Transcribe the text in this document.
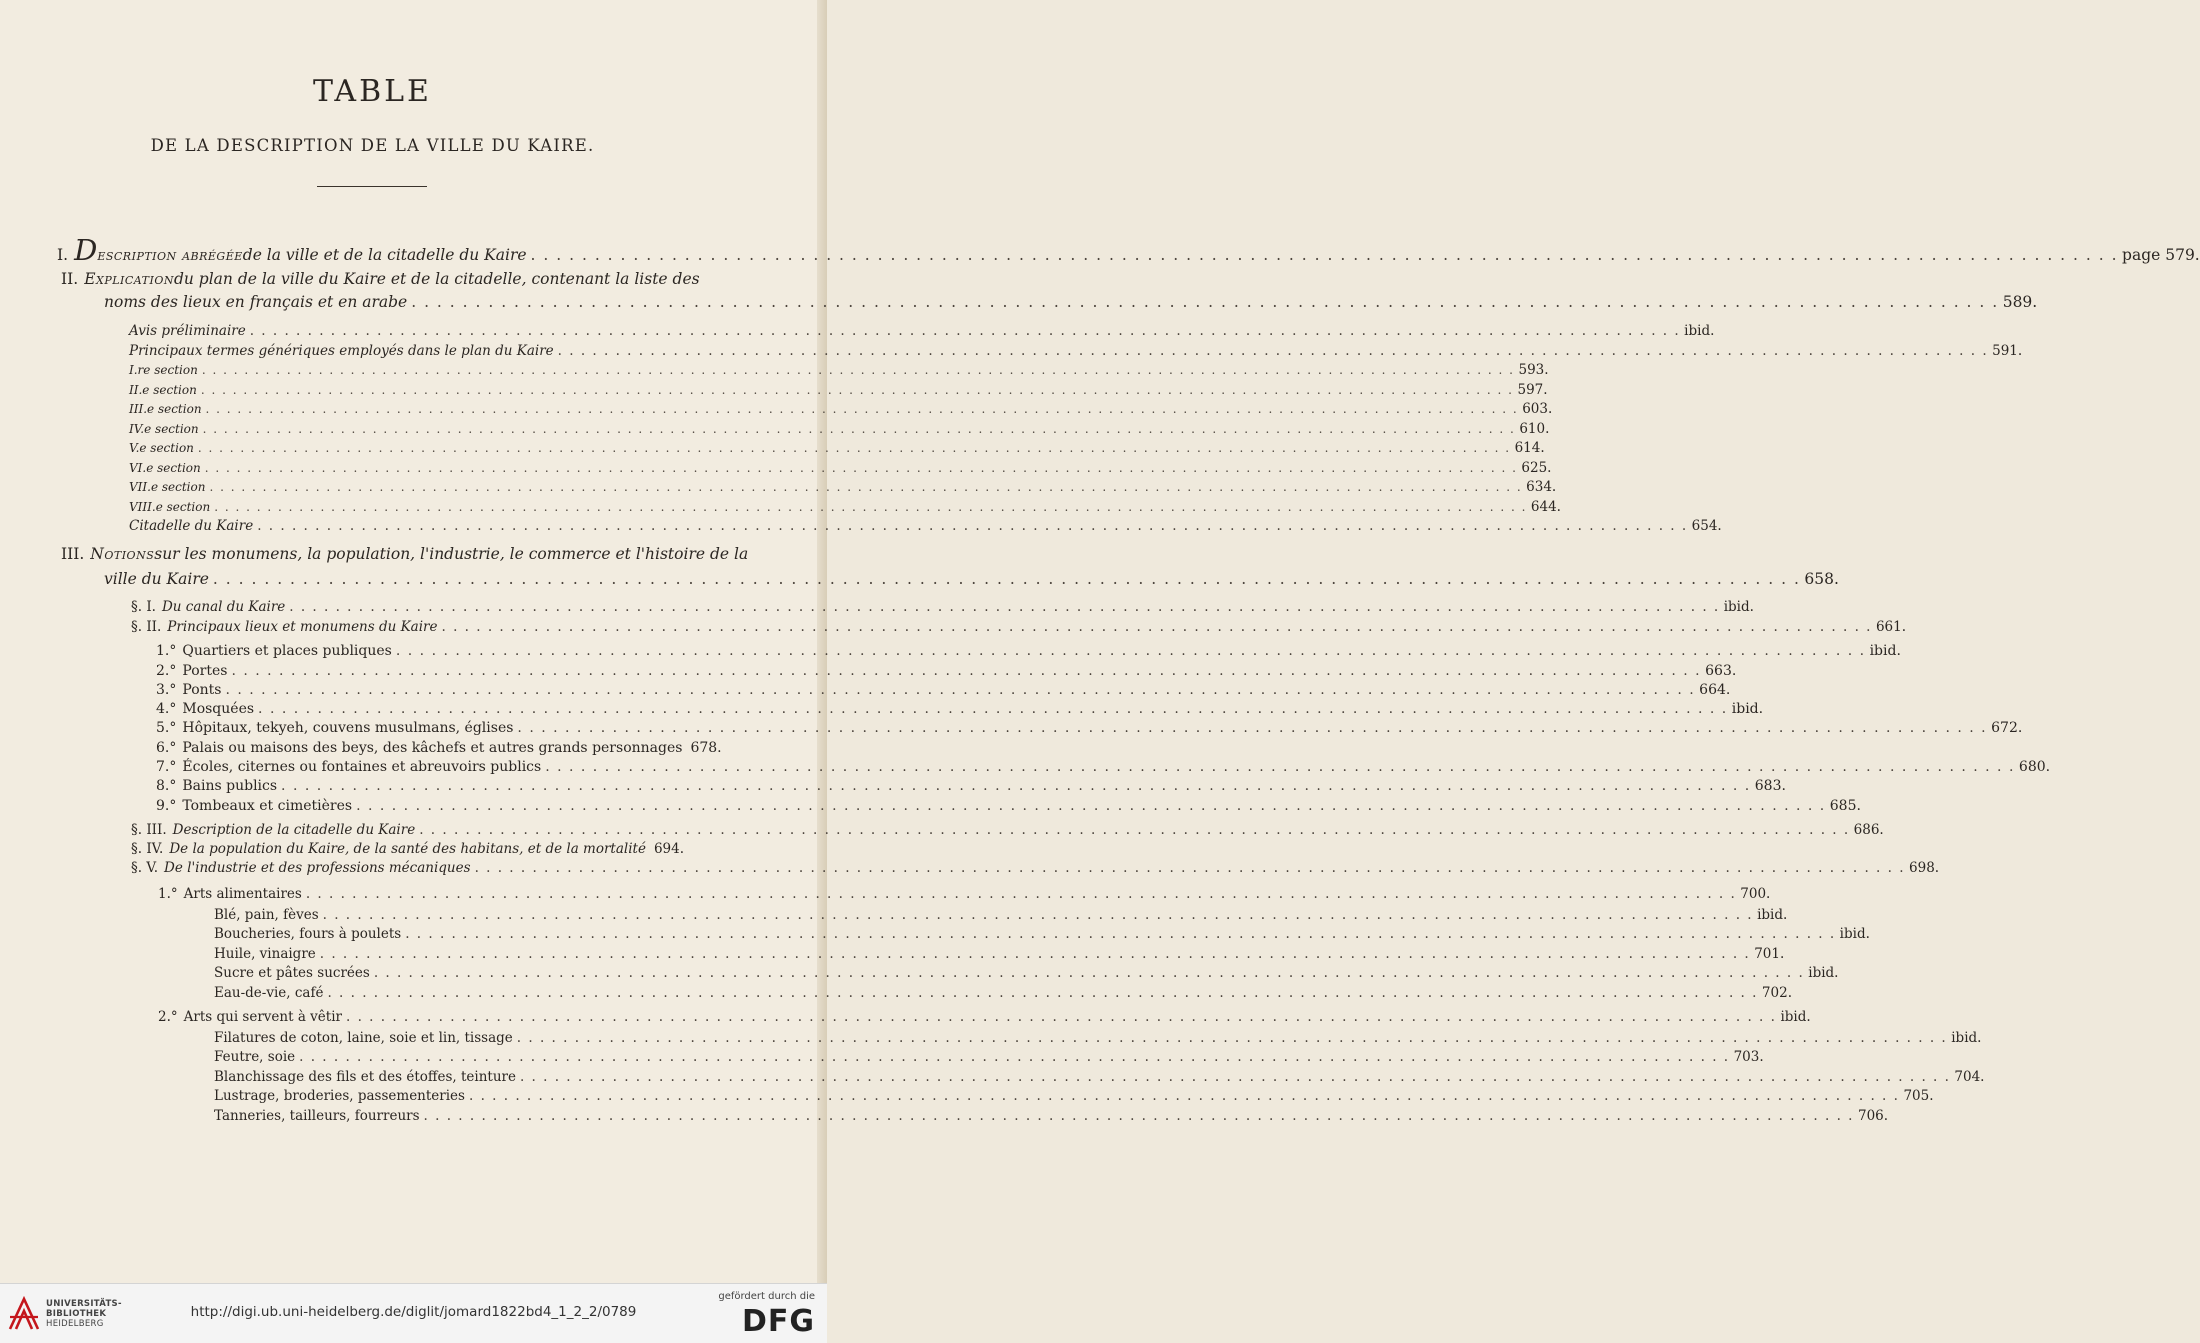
TABLE
DE LA DESCRIPTION DE LA VILLE DU KAIRE.
I. D escription abrégée de la ville et de la citadelle du Kaire . . . . . . . . . . . . . . . . . . . . . . . . . . . . . . . . . . . . . . . . . . . . . . . . . . . . . . . . . . . . . . . . . . . . . . . . . . . . . . . . . . . . . . . . . . . . . . . . . . . . . . . . . . . . . . . . . . . . . . . . . . . . page 579.
II. Explication du plan de la ville du Kaire et de la citadelle, contenant la liste des
noms des lieux en français et en arabe . . . . . . . . . . . . . . . . . . . . . . . . . . . . . . . . . . . . . . . . . . . . . . . . . . . . . . . . . . . . . . . . . . . . . . . . . . . . . . . . . . . . . . . . . . . . . . . . . . . . . . . . . . . . . . . . . . . . . . . . . . . . 589.
Avis préliminaire . . . . . . . . . . . . . . . . . . . . . . . . . . . . . . . . . . . . . . . . . . . . . . . . . . . . . . . . . . . . . . . . . . . . . . . . . . . . . . . . . . . . . . . . . . . . . . . . . . . . . . . . . . . . . . . . . . . . . . . . . . . . ibid.
Principaux termes génériques employés dans le plan du Kaire . . . . . . . . . . . . . . . . . . . . . . . . . . . . . . . . . . . . . . . . . . . . . . . . . . . . . . . . . . . . . . . . . . . . . . . . . . . . . . . . . . . . . . . . . . . . . . . . . . . . . . . . . . . . . . . . . . . . . . . . . . . . 591.
I.re section . . . . . . . . . . . . . . . . . . . . . . . . . . . . . . . . . . . . . . . . . . . . . . . . . . . . . . . . . . . . . . . . . . . . . . . . . . . . . . . . . . . . . . . . . . . . . . . . . . . . . . . . . . . . . . . . . . . . . . . . . . . . 593.
II.e section . . . . . . . . . . . . . . . . . . . . . . . . . . . . . . . . . . . . . . . . . . . . . . . . . . . . . . . . . . . . . . . . . . . . . . . . . . . . . . . . . . . . . . . . . . . . . . . . . . . . . . . . . . . . . . . . . . . . . . . . . . . . 597.
III.e section . . . . . . . . . . . . . . . . . . . . . . . . . . . . . . . . . . . . . . . . . . . . . . . . . . . . . . . . . . . . . . . . . . . . . . . . . . . . . . . . . . . . . . . . . . . . . . . . . . . . . . . . . . . . . . . . . . . . . . . . . . . . 603.
IV.e section . . . . . . . . . . . . . . . . . . . . . . . . . . . . . . . . . . . . . . . . . . . . . . . . . . . . . . . . . . . . . . . . . . . . . . . . . . . . . . . . . . . . . . . . . . . . . . . . . . . . . . . . . . . . . . . . . . . . . . . . . . . . 610.
V.e section . . . . . . . . . . . . . . . . . . . . . . . . . . . . . . . . . . . . . . . . . . . . . . . . . . . . . . . . . . . . . . . . . . . . . . . . . . . . . . . . . . . . . . . . . . . . . . . . . . . . . . . . . . . . . . . . . . . . . . . . . . . . 614.
VI.e section . . . . . . . . . . . . . . . . . . . . . . . . . . . . . . . . . . . . . . . . . . . . . . . . . . . . . . . . . . . . . . . . . . . . . . . . . . . . . . . . . . . . . . . . . . . . . . . . . . . . . . . . . . . . . . . . . . . . . . . . . . . . 625.
VII.e section . . . . . . . . . . . . . . . . . . . . . . . . . . . . . . . . . . . . . . . . . . . . . . . . . . . . . . . . . . . . . . . . . . . . . . . . . . . . . . . . . . . . . . . . . . . . . . . . . . . . . . . . . . . . . . . . . . . . . . . . . . . . 634.
VIII.e section . . . . . . . . . . . . . . . . . . . . . . . . . . . . . . . . . . . . . . . . . . . . . . . . . . . . . . . . . . . . . . . . . . . . . . . . . . . . . . . . . . . . . . . . . . . . . . . . . . . . . . . . . . . . . . . . . . . . . . . . . . . . 644.
Citadelle du Kaire . . . . . . . . . . . . . . . . . . . . . . . . . . . . . . . . . . . . . . . . . . . . . . . . . . . . . . . . . . . . . . . . . . . . . . . . . . . . . . . . . . . . . . . . . . . . . . . . . . . . . . . . . . . . . . . . . . . . . . . . . . . . 654.
III. Notions sur les monumens, la population, l'industrie, le commerce et l'histoire de la
ville du Kaire . . . . . . . . . . . . . . . . . . . . . . . . . . . . . . . . . . . . . . . . . . . . . . . . . . . . . . . . . . . . . . . . . . . . . . . . . . . . . . . . . . . . . . . . . . . . . . . . . . . . . . . . . . . . . . . . . . . . . . . . . . . . 658.
§. I. Du canal du Kaire . . . . . . . . . . . . . . . . . . . . . . . . . . . . . . . . . . . . . . . . . . . . . . . . . . . . . . . . . . . . . . . . . . . . . . . . . . . . . . . . . . . . . . . . . . . . . . . . . . . . . . . . . . . . . . . . . . . . . . . . . . . . ibid.
§. II. Principaux lieux et monumens du Kaire . . . . . . . . . . . . . . . . . . . . . . . . . . . . . . . . . . . . . . . . . . . . . . . . . . . . . . . . . . . . . . . . . . . . . . . . . . . . . . . . . . . . . . . . . . . . . . . . . . . . . . . . . . . . . . . . . . . . . . . . . . . . 661.
1.° Quartiers et places publiques . . . . . . . . . . . . . . . . . . . . . . . . . . . . . . . . . . . . . . . . . . . . . . . . . . . . . . . . . . . . . . . . . . . . . . . . . . . . . . . . . . . . . . . . . . . . . . . . . . . . . . . . . . . . . . . . . . . . . . . . . . . . ibid.
2.° Portes . . . . . . . . . . . . . . . . . . . . . . . . . . . . . . . . . . . . . . . . . . . . . . . . . . . . . . . . . . . . . . . . . . . . . . . . . . . . . . . . . . . . . . . . . . . . . . . . . . . . . . . . . . . . . . . . . . . . . . . . . . . . 663.
3.° Ponts . . . . . . . . . . . . . . . . . . . . . . . . . . . . . . . . . . . . . . . . . . . . . . . . . . . . . . . . . . . . . . . . . . . . . . . . . . . . . . . . . . . . . . . . . . . . . . . . . . . . . . . . . . . . . . . . . . . . . . . . . . . . 664.
4.° Mosquées . . . . . . . . . . . . . . . . . . . . . . . . . . . . . . . . . . . . . . . . . . . . . . . . . . . . . . . . . . . . . . . . . . . . . . . . . . . . . . . . . . . . . . . . . . . . . . . . . . . . . . . . . . . . . . . . . . . . . . . . . . . . ibid.
5.° Hôpitaux, tekyeh, couvens musulmans, églises . . . . . . . . . . . . . . . . . . . . . . . . . . . . . . . . . . . . . . . . . . . . . . . . . . . . . . . . . . . . . . . . . . . . . . . . . . . . . . . . . . . . . . . . . . . . . . . . . . . . . . . . . . . . . . . . . . . . . . . . . . . . 672.
6.° Palais ou maisons des beys, des kâchefs et autres grands personnages 678.
7.° Écoles, citernes ou fontaines et abreuvoirs publics . . . . . . . . . . . . . . . . . . . . . . . . . . . . . . . . . . . . . . . . . . . . . . . . . . . . . . . . . . . . . . . . . . . . . . . . . . . . . . . . . . . . . . . . . . . . . . . . . . . . . . . . . . . . . . . . . . . . . . . . . . . . 680.
8.° Bains publics . . . . . . . . . . . . . . . . . . . . . . . . . . . . . . . . . . . . . . . . . . . . . . . . . . . . . . . . . . . . . . . . . . . . . . . . . . . . . . . . . . . . . . . . . . . . . . . . . . . . . . . . . . . . . . . . . . . . . . . . . . . . 683.
9.° Tombeaux et cimetières . . . . . . . . . . . . . . . . . . . . . . . . . . . . . . . . . . . . . . . . . . . . . . . . . . . . . . . . . . . . . . . . . . . . . . . . . . . . . . . . . . . . . . . . . . . . . . . . . . . . . . . . . . . . . . . . . . . . . . . . . . . . 685.
§. III. Description de la citadelle du Kaire . . . . . . . . . . . . . . . . . . . . . . . . . . . . . . . . . . . . . . . . . . . . . . . . . . . . . . . . . . . . . . . . . . . . . . . . . . . . . . . . . . . . . . . . . . . . . . . . . . . . . . . . . . . . . . . . . . . . . . . . . . . . 686.
§. IV. De la population du Kaire, de la santé des habitans, et de la mortalité 694.
§. V. De l'industrie et des professions mécaniques . . . . . . . . . . . . . . . . . . . . . . . . . . . . . . . . . . . . . . . . . . . . . . . . . . . . . . . . . . . . . . . . . . . . . . . . . . . . . . . . . . . . . . . . . . . . . . . . . . . . . . . . . . . . . . . . . . . . . . . . . . . . 698.
1.° Arts alimentaires . . . . . . . . . . . . . . . . . . . . . . . . . . . . . . . . . . . . . . . . . . . . . . . . . . . . . . . . . . . . . . . . . . . . . . . . . . . . . . . . . . . . . . . . . . . . . . . . . . . . . . . . . . . . . . . . . . . . . . . . . . . . 700.
Blé, pain, fèves . . . . . . . . . . . . . . . . . . . . . . . . . . . . . . . . . . . . . . . . . . . . . . . . . . . . . . . . . . . . . . . . . . . . . . . . . . . . . . . . . . . . . . . . . . . . . . . . . . . . . . . . . . . . . . . . . . . . . . . . . . . . ibid.
Boucheries, fours à poulets . . . . . . . . . . . . . . . . . . . . . . . . . . . . . . . . . . . . . . . . . . . . . . . . . . . . . . . . . . . . . . . . . . . . . . . . . . . . . . . . . . . . . . . . . . . . . . . . . . . . . . . . . . . . . . . . . . . . . . . . . . . . ibid.
Huile, vinaigre . . . . . . . . . . . . . . . . . . . . . . . . . . . . . . . . . . . . . . . . . . . . . . . . . . . . . . . . . . . . . . . . . . . . . . . . . . . . . . . . . . . . . . . . . . . . . . . . . . . . . . . . . . . . . . . . . . . . . . . . . . . . 701.
Sucre et pâtes sucrées . . . . . . . . . . . . . . . . . . . . . . . . . . . . . . . . . . . . . . . . . . . . . . . . . . . . . . . . . . . . . . . . . . . . . . . . . . . . . . . . . . . . . . . . . . . . . . . . . . . . . . . . . . . . . . . . . . . . . . . . . . . . ibid.
Eau-de-vie, café . . . . . . . . . . . . . . . . . . . . . . . . . . . . . . . . . . . . . . . . . . . . . . . . . . . . . . . . . . . . . . . . . . . . . . . . . . . . . . . . . . . . . . . . . . . . . . . . . . . . . . . . . . . . . . . . . . . . . . . . . . . . 702.
2.° Arts qui servent à vêtir . . . . . . . . . . . . . . . . . . . . . . . . . . . . . . . . . . . . . . . . . . . . . . . . . . . . . . . . . . . . . . . . . . . . . . . . . . . . . . . . . . . . . . . . . . . . . . . . . . . . . . . . . . . . . . . . . . . . . . . . . . . . ibid.
Filatures de coton, laine, soie et lin, tissage . . . . . . . . . . . . . . . . . . . . . . . . . . . . . . . . . . . . . . . . . . . . . . . . . . . . . . . . . . . . . . . . . . . . . . . . . . . . . . . . . . . . . . . . . . . . . . . . . . . . . . . . . . . . . . . . . . . . . . . . . . . . ibid.
Feutre, soie . . . . . . . . . . . . . . . . . . . . . . . . . . . . . . . . . . . . . . . . . . . . . . . . . . . . . . . . . . . . . . . . . . . . . . . . . . . . . . . . . . . . . . . . . . . . . . . . . . . . . . . . . . . . . . . . . . . . . . . . . . . . 703.
Blanchissage des fils et des étoffes, teinture . . . . . . . . . . . . . . . . . . . . . . . . . . . . . . . . . . . . . . . . . . . . . . . . . . . . . . . . . . . . . . . . . . . . . . . . . . . . . . . . . . . . . . . . . . . . . . . . . . . . . . . . . . . . . . . . . . . . . . . . . . . . 704.
Lustrage, broderies, passementeries . . . . . . . . . . . . . . . . . . . . . . . . . . . . . . . . . . . . . . . . . . . . . . . . . . . . . . . . . . . . . . . . . . . . . . . . . . . . . . . . . . . . . . . . . . . . . . . . . . . . . . . . . . . . . . . . . . . . . . . . . . . . 705.
Tanneries, tailleurs, fourreurs . . . . . . . . . . . . . . . . . . . . . . . . . . . . . . . . . . . . . . . . . . . . . . . . . . . . . . . . . . . . . . . . . . . . . . . . . . . . . . . . . . . . . . . . . . . . . . . . . . . . . . . . . . . . . . . . . . . . . . . . . . . . 706.
UNIVERSITÄTS-
BIBLIOTHEK
HEIDELBERG
http://digi.ub.uni-heidelberg.de/diglit/jomard1822bd4_1_2_2/0789
gefördert durch die
DFG
